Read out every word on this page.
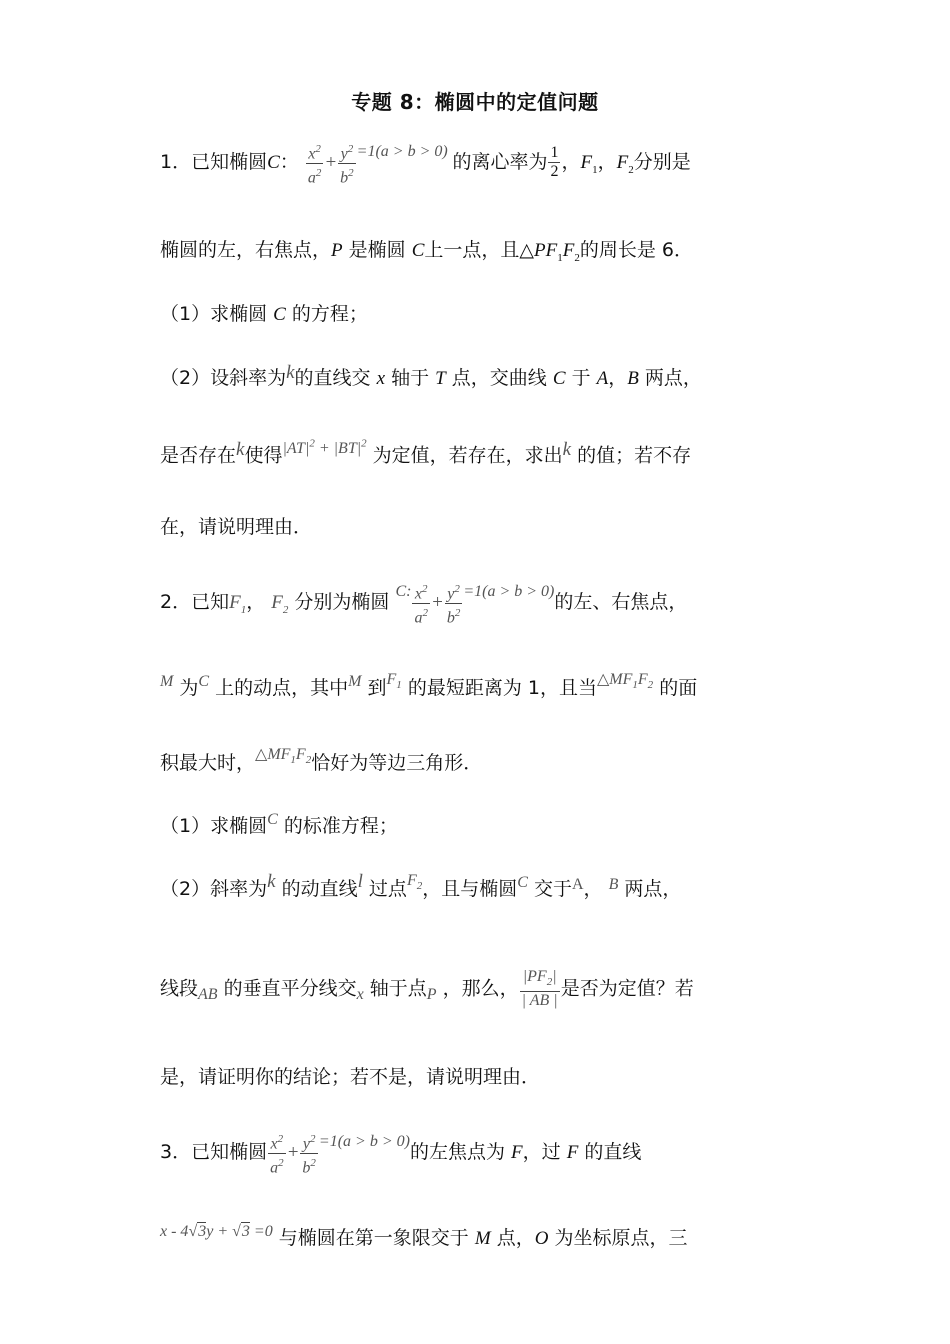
专题 8：椭圆中的定值问题
1．已知椭圆C： $\frac{x^2}{a^2} + \frac{y^2}{b^2} ^{=1(a > b > 0)}$ 的离心率为 $\frac{1}{2}$ ，$F_1$，$F_2$分别是
椭圆的左，右焦点，P 是椭圆 C上一点，且$\triangle PF_1F_2$的周长是 6．
（1）求椭圆 C 的方程；
（2）设斜率为k的直线交 x 轴于 T 点，交曲线 C 于 A，B 两点，
是否存在k使得$^{|AT|^2 + |BT|^2}$ 为定值，若存在，求出k 的值；若不存
在，请说明理由．
2．已知$F_1$， $F_2$ 分别为椭圆 $^{C:} \frac{x^2}{a^2} + \frac{y^2}{b^2} ^{=1(a > b > 0)}$的左、右焦点，
$^M$ 为$^C$ 上的动点，其中$^M$ 到$^{F_1}$ 的最短距离为 1，且当$^{\triangle MF_1F_2}$ 的面
积最大时，$^{\triangle MF_1F_2}$恰好为等边三角形．
（1）求椭圆$^C$ 的标准方程；
（2）斜率为k 的动直线l 过点$^{F_2}$，且与椭圆$^C$ 交于$^A$， $^B$ 两点，
线段$_{AB}$ 的垂直平分线交$_x$ 轴于点$_P$ ，那么， $\frac{|PF_2|}{| AB |}$ 是否为定值？若
是，请证明你的结论；若不是，请说明理由．
3．已知椭圆 $\frac{x^2}{a^2} + \frac{y^2}{b^2} ^{=1(a > b > 0)}$的左焦点为 F，过 F 的直线
$^{x - 4√3y + √3 =0}$ 与椭圆在第一象限交于 M 点，O 为坐标原点，三
